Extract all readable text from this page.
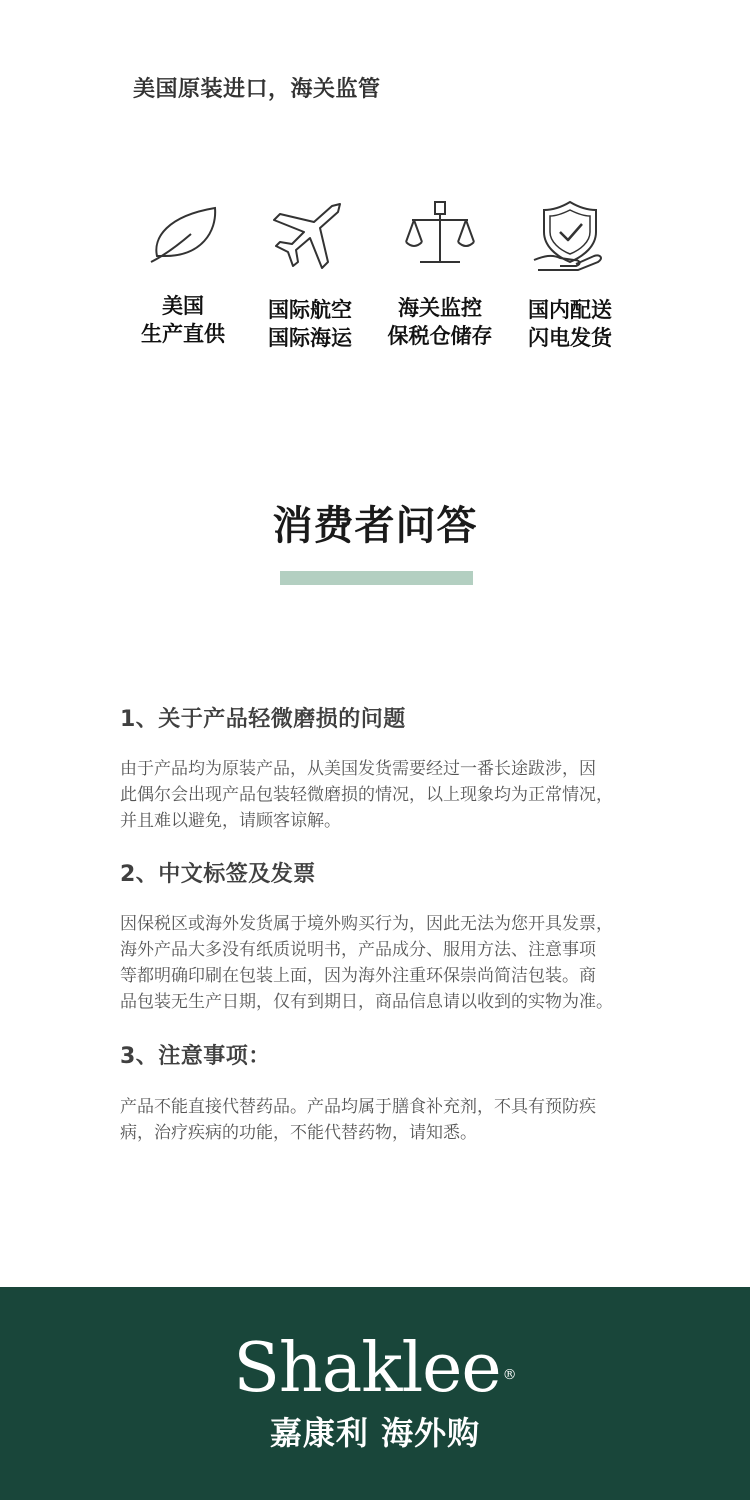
美国原装进口，海关监管
美国
生产直供
国际航空
国际海运
海关监控
保税仓储存
国内配送
闪电发货
消费者问答
1、关于产品轻微磨损的问题
由于产品均为原装产品，从美国发货需要经过一番长途跋涉，因
此偶尔会出现产品包装轻微磨损的情况，以上现象均为正常情况，
并且难以避免，请顾客谅解。
2、中文标签及发票
因保税区或海外发货属于境外购买行为，因此无法为您开具发票，
海外产品大多没有纸质说明书，产品成分、服用方法、注意事项
等都明确印刷在包装上面，因为海外注重环保崇尚简洁包装。商
品包装无生产日期，仅有到期日，商品信息请以收到的实物为准。
3、注意事项：
产品不能直接代替药品。产品均属于膳食补充剂，不具有预防疾
病，治疗疾病的功能，不能代替药物，请知悉。
Shaklee ®
嘉康利 海外购
